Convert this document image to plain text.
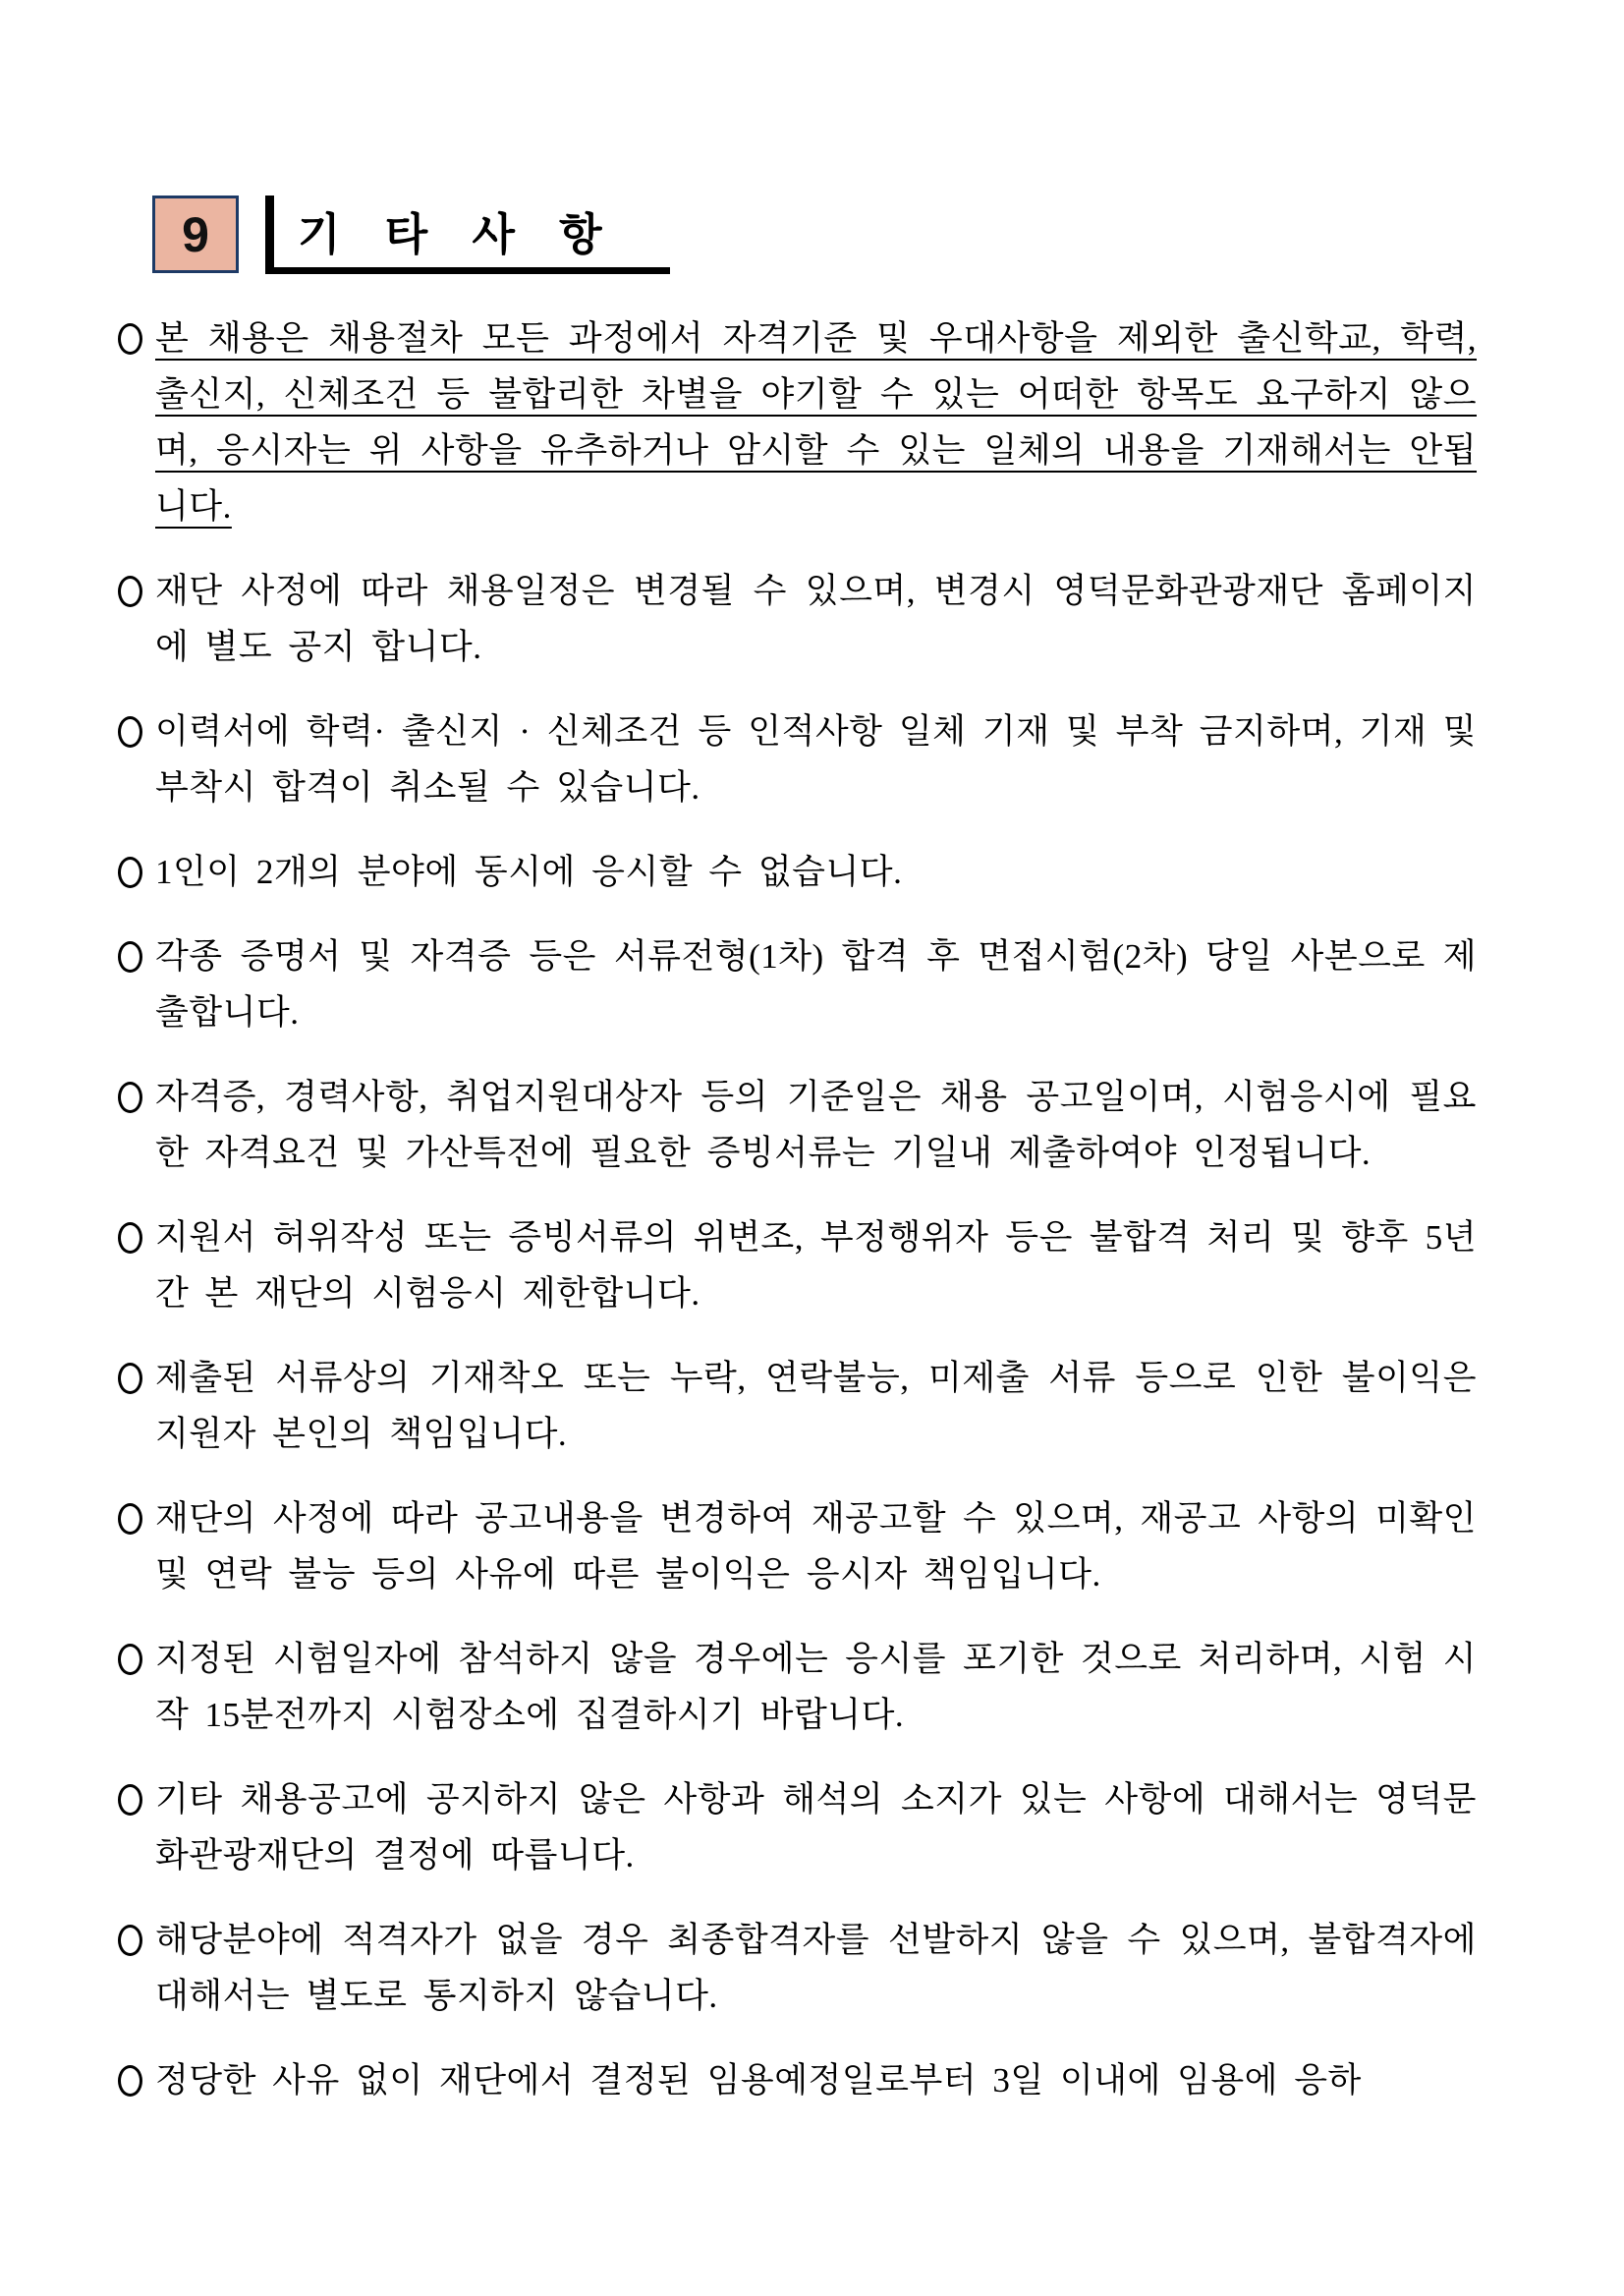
9	기 타 사 항

본 채용은 채용절차 모든 과정에서 자격기준 및 우대사항을 제외한 출신학교, 학력, 출신지, 신체조건 등 불합리한 차별을 야기할 수 있는 어떠한 항목도 요구하지 않으며, 응시자는 위 사항을 유추하거나 암시할 수 있는 일체의 내용을 기재해서는 안됩니다.

재단 사정에 따라 채용일정은 변경될 수 있으며, 변경시 영덕문화관광재단 홈페이지에 별도 공지 합니다.

이력서에 학력· 출신지 · 신체조건 등 인적사항 일체 기재 및 부착 금지하며, 기재 및 부착시 합격이 취소될 수 있습니다.

1인이 2개의 분야에 동시에 응시할 수 없습니다.

각종 증명서 및 자격증 등은 서류전형(1차) 합격 후 면접시험(2차) 당일 사본으로 제출합니다.

자격증, 경력사항, 취업지원대상자 등의 기준일은 채용 공고일이며, 시험응시에 필요한 자격요건 및 가산특전에 필요한 증빙서류는 기일내 제출하여야 인정됩니다.

지원서 허위작성 또는 증빙서류의 위변조, 부정행위자 등은 불합격 처리 및 향후 5년간 본 재단의 시험응시 제한합니다.

제출된 서류상의 기재착오 또는 누락, 연락불능, 미제출 서류 등으로 인한 불이익은 지원자 본인의 책임입니다.

재단의 사정에 따라 공고내용을 변경하여 재공고할 수 있으며, 재공고 사항의 미확인 및 연락 불능 등의 사유에 따른 불이익은 응시자 책임입니다.

지정된 시험일자에 참석하지 않을 경우에는 응시를 포기한 것으로 처리하며, 시험 시작 15분전까지 시험장소에 집결하시기 바랍니다.

기타 채용공고에 공지하지 않은 사항과 해석의 소지가 있는 사항에 대해서는 영덕문화관광재단의 결정에 따릅니다.

해당분야에 적격자가 없을 경우 최종합격자를 선발하지 않을 수 있으며, 불합격자에 대해서는 별도로 통지하지 않습니다.

정당한 사유 없이 재단에서 결정된 임용예정일로부터 3일 이내에 임용에 응하
